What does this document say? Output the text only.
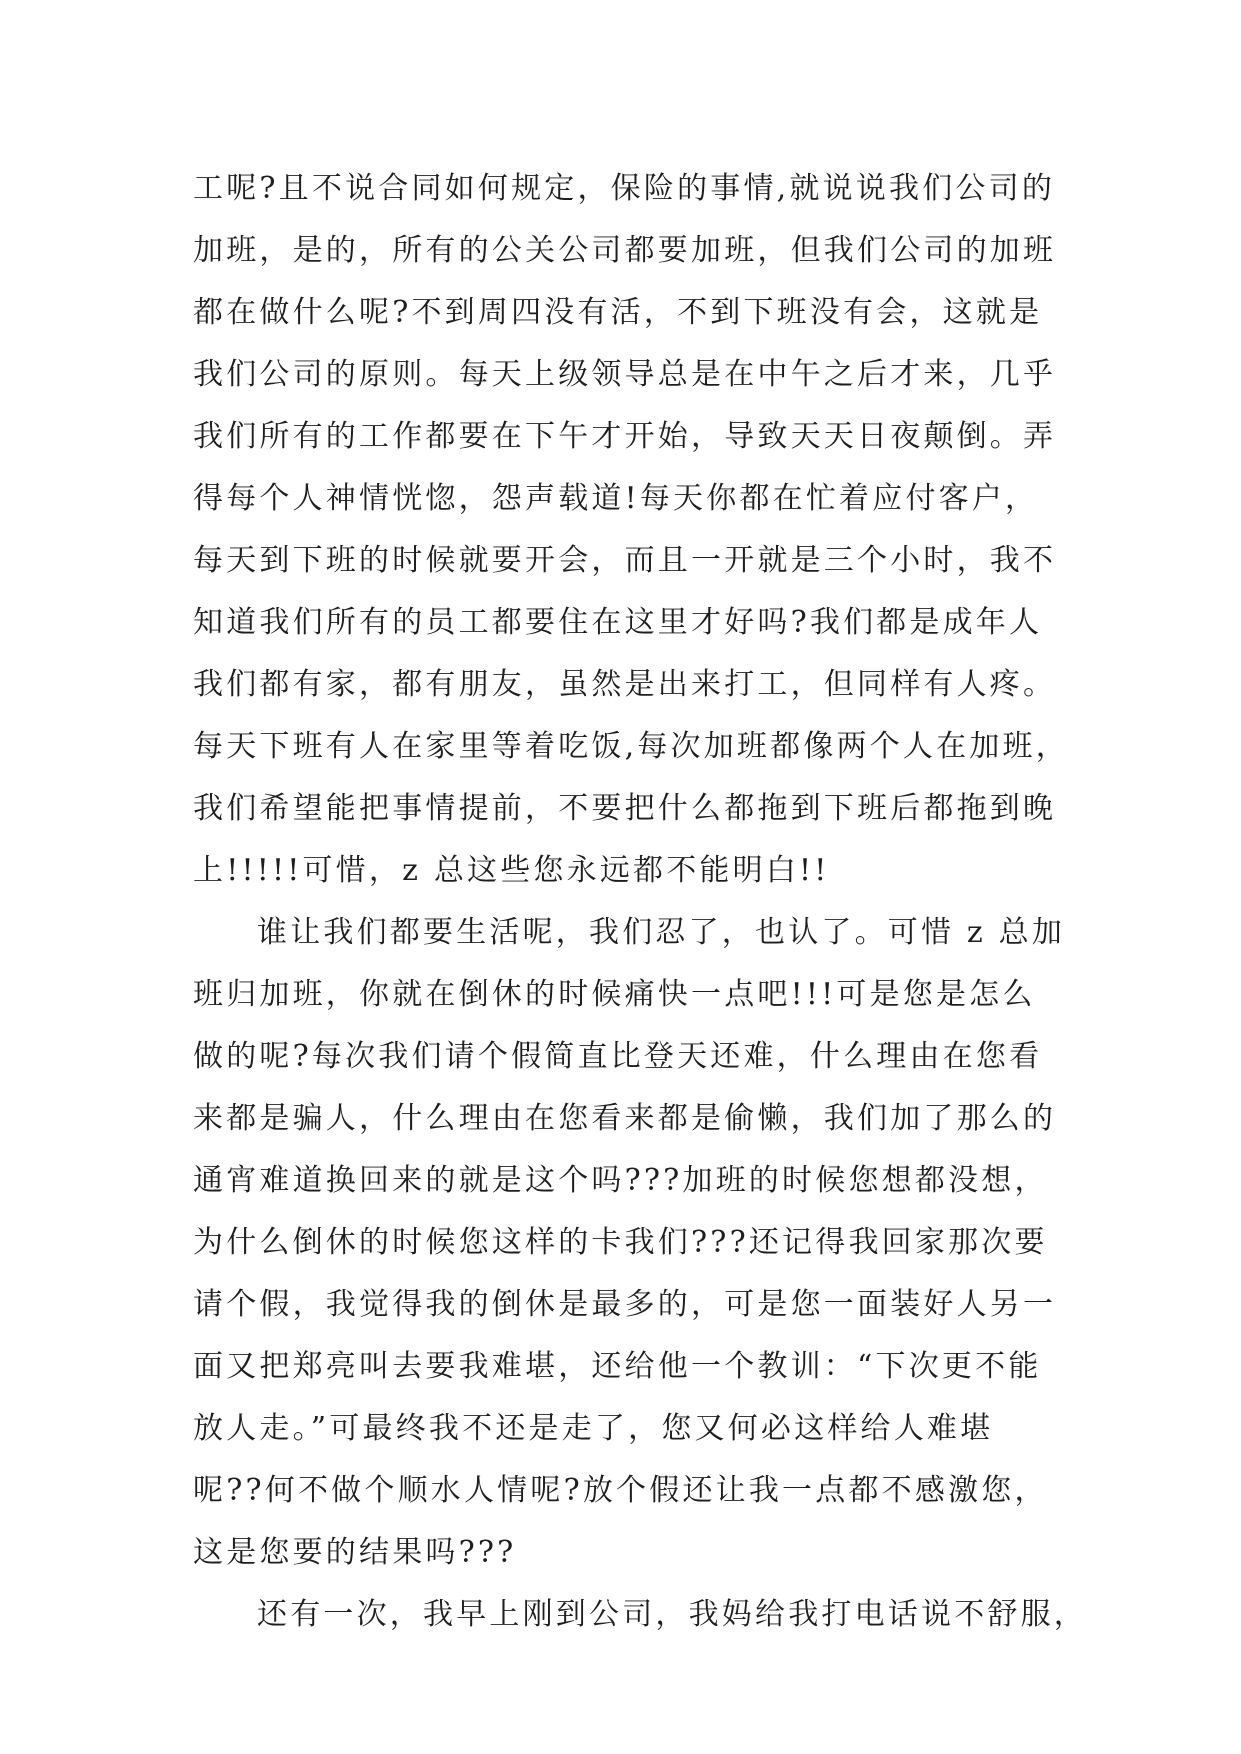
工呢?且不说合同如何规定，保险的事情,就说说我们公司的
加班，是的，所有的公关公司都要加班，但我们公司的加班
都在做什么呢?不到周四没有活，不到下班没有会，这就是
我们公司的原则。每天上级领导总是在中午之后才来，几乎
我们所有的工作都要在下午才开始，导致天天日夜颠倒。弄
得每个人神情恍惚，怨声载道!每天你都在忙着应付客户，
每天到下班的时候就要开会，而且一开就是三个小时，我不
知道我们所有的员工都要住在这里才好吗?我们都是成年人
我们都有家，都有朋友，虽然是出来打工，但同样有人疼。
每天下班有人在家里等着吃饭,每次加班都像两个人在加班，
我们希望能把事情提前，不要把什么都拖到下班后都拖到晚
上!!!!!可惜，z 总这些您永远都不能明白!!
谁让我们都要生活呢，我们忍了，也认了。可惜 z 总加
班归加班，你就在倒休的时候痛快一点吧!!!可是您是怎么
做的呢?每次我们请个假简直比登天还难，什么理由在您看
来都是骗人，什么理由在您看来都是偷懒，我们加了那么的
通宵难道换回来的就是这个吗???加班的时候您想都没想，
为什么倒休的时候您这样的卡我们???还记得我回家那次要
请个假，我觉得我的倒休是最多的，可是您一面装好人另一
面又把郑亮叫去要我难堪，还给他一个教训：“下次更不能
放人走。”可最终我不还是走了，您又何必这样给人难堪
呢??何不做个顺水人情呢?放个假还让我一点都不感激您，
这是您要的结果吗???
还有一次，我早上刚到公司，我妈给我打电话说不舒服，
